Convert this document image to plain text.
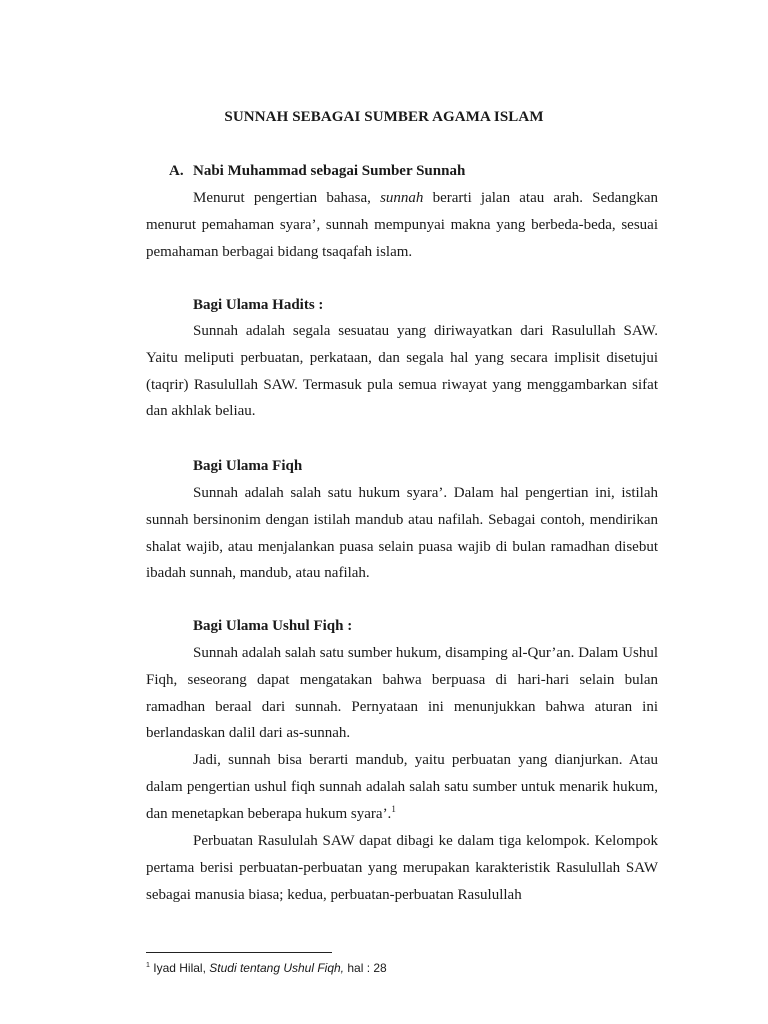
SUNNAH SEBAGAI SUMBER AGAMA ISLAM
A. Nabi Muhammad sebagai Sumber Sunnah

Menurut pengertian bahasa, sunnah berarti jalan atau arah. Sedangkan menurut pemahaman syara’, sunnah mempunyai makna yang berbeda-beda, sesuai pemahaman berbagai bidang tsaqafah islam.

Bagi Ulama Hadits :

Sunnah adalah segala sesuatau yang diriwayatkan dari Rasulullah SAW. Yaitu meliputi perbuatan, perkataan, dan segala hal yang secara implisit disetujui (taqrir) Rasulullah SAW. Termasuk pula semua riwayat yang menggambarkan sifat dan akhlak beliau.

Bagi Ulama Fiqh

Sunnah adalah salah satu hukum syara’. Dalam hal pengertian ini, istilah sunnah bersinonim dengan istilah mandub atau nafilah. Sebagai contoh, mendirikan shalat wajib, atau menjalankan puasa selain puasa wajib di bulan ramadhan disebut ibadah sunnah, mandub, atau nafilah.

Bagi Ulama Ushul Fiqh :

Sunnah adalah salah satu sumber hukum, disamping al-Qur’an. Dalam Ushul Fiqh, seseorang dapat mengatakan bahwa berpuasa di hari-hari selain bulan ramadhan beraal dari sunnah. Pernyataan ini menunjukkan bahwa aturan ini berlandaskan dalil dari as-sunnah.

Jadi, sunnah bisa berarti mandub, yaitu perbuatan yang dianjurkan. Atau dalam pengertian ushul fiqh sunnah adalah salah satu sumber untuk menarik hukum, dan menetapkan beberapa hukum syara’.$^1$

Perbuatan Rasululah SAW dapat dibagi ke dalam tiga kelompok. Kelompok pertama berisi perbuatan-perbuatan yang merupakan karakteristik Rasulullah SAW sebagai manusia biasa; kedua, perbuatan-perbuatan Rasulullah

$^1$ Iyad Hilal, Studi tentang Ushul Fiqh, hal : 28
